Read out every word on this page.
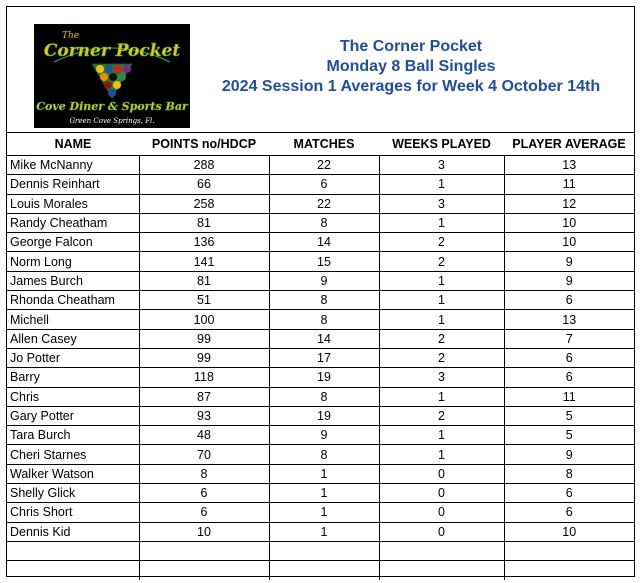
The
Corner Pocket
Cove Diner & Sports Bar
Green Cove Springs, Fl.
The Corner Pocket
Monday 8 Ball Singles
2024 Session 1 Averages for Week 4 October 14th
NAME	POINTS no/HDCP	MATCHES	WEEKS PLAYED	PLAYER AVERAGE
Mike McNanny	288	22	3	13
Dennis Reinhart	66	6	1	11
Louis Morales	258	22	3	12
Randy Cheatham	81	8	1	10
George Falcon	136	14	2	10
Norm Long	141	15	2	9
James Burch	81	9	1	9
Rhonda Cheatham	51	8	1	6
Michell	100	8	1	13
Allen Casey	99	14	2	7
Jo Potter	99	17	2	6
Barry	118	19	3	6
Chris	87	8	1	11
Gary Potter	93	19	2	5
Tara Burch	48	9	1	5
Cheri Starnes	70	8	1	9
Walker Watson	8	1	0	8
Shelly Glick	6	1	0	6
Chris Short	6	1	0	6
Dennis Kid	10	1	0	10
